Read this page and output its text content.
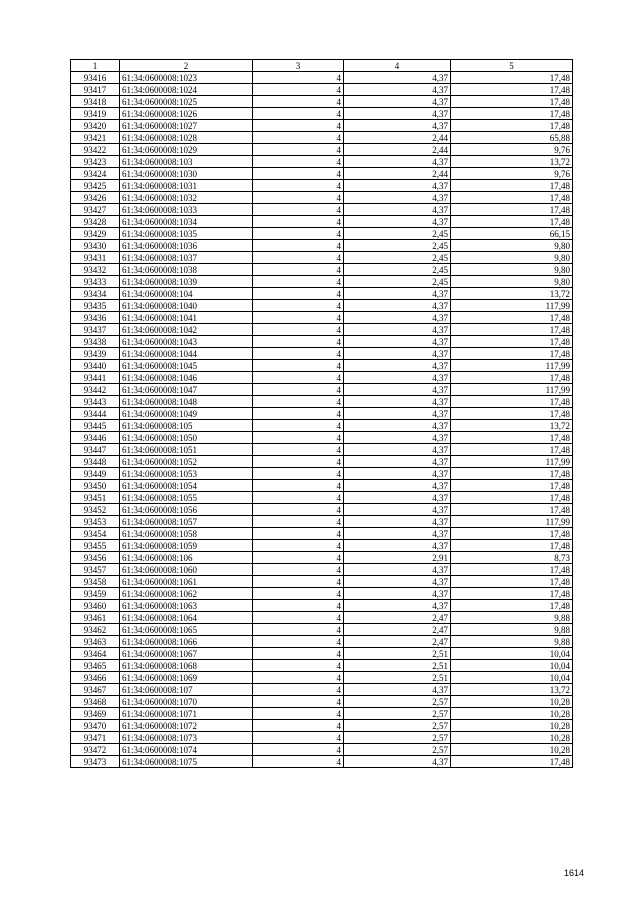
1	2	3	4	5
93416	61:34:0600008:1023	4	4,37	17,48
93417	61:34:0600008:1024	4	4,37	17,48
93418	61:34:0600008:1025	4	4,37	17,48
93419	61:34:0600008:1026	4	4,37	17,48
93420	61:34:0600008:1027	4	4,37	17,48
93421	61:34:0600008:1028	4	2,44	65,88
93422	61:34:0600008:1029	4	2,44	9,76
93423	61:34:0600008:103	4	4,37	13,72
93424	61:34:0600008:1030	4	2,44	9,76
93425	61:34:0600008:1031	4	4,37	17,48
93426	61:34:0600008:1032	4	4,37	17,48
93427	61:34:0600008:1033	4	4,37	17,48
93428	61:34:0600008:1034	4	4,37	17,48
93429	61:34:0600008:1035	4	2,45	66,15
93430	61:34:0600008:1036	4	2,45	9,80
93431	61:34:0600008:1037	4	2,45	9,80
93432	61:34:0600008:1038	4	2,45	9,80
93433	61:34:0600008:1039	4	2,45	9,80
93434	61:34:0600008:104	4	4,37	13,72
93435	61:34:0600008:1040	4	4,37	117,99
93436	61:34:0600008:1041	4	4,37	17,48
93437	61:34:0600008:1042	4	4,37	17,48
93438	61:34:0600008:1043	4	4,37	17,48
93439	61:34:0600008:1044	4	4,37	17,48
93440	61:34:0600008:1045	4	4,37	117,99
93441	61:34:0600008:1046	4	4,37	17,48
93442	61:34:0600008:1047	4	4,37	117,99
93443	61:34:0600008:1048	4	4,37	17,48
93444	61:34:0600008:1049	4	4,37	17,48
93445	61:34:0600008:105	4	4,37	13,72
93446	61:34:0600008:1050	4	4,37	17,48
93447	61:34:0600008:1051	4	4,37	17,48
93448	61:34:0600008:1052	4	4,37	117,99
93449	61:34:0600008:1053	4	4,37	17,48
93450	61:34:0600008:1054	4	4,37	17,48
93451	61:34:0600008:1055	4	4,37	17,48
93452	61:34:0600008:1056	4	4,37	17,48
93453	61:34:0600008:1057	4	4,37	117,99
93454	61:34:0600008:1058	4	4,37	17,48
93455	61:34:0600008:1059	4	4,37	17,48
93456	61:34:0600008:106	4	2,91	8,73
93457	61:34:0600008:1060	4	4,37	17,48
93458	61:34:0600008:1061	4	4,37	17,48
93459	61:34:0600008:1062	4	4,37	17,48
93460	61:34:0600008:1063	4	4,37	17,48
93461	61:34:0600008:1064	4	2,47	9,88
93462	61:34:0600008:1065	4	2,47	9,88
93463	61:34:0600008:1066	4	2,47	9,88
93464	61:34:0600008:1067	4	2,51	10,04
93465	61:34:0600008:1068	4	2,51	10,04
93466	61:34:0600008:1069	4	2,51	10,04
93467	61:34:0600008:107	4	4,37	13,72
93468	61:34:0600008:1070	4	2,57	10,28
93469	61:34:0600008:1071	4	2,57	10,28
93470	61:34:0600008:1072	4	2,57	10,28
93471	61:34:0600008:1073	4	2,57	10,28
93472	61:34:0600008:1074	4	2,57	10,28
93473	61:34:0600008:1075	4	4,37	17,48
1614
